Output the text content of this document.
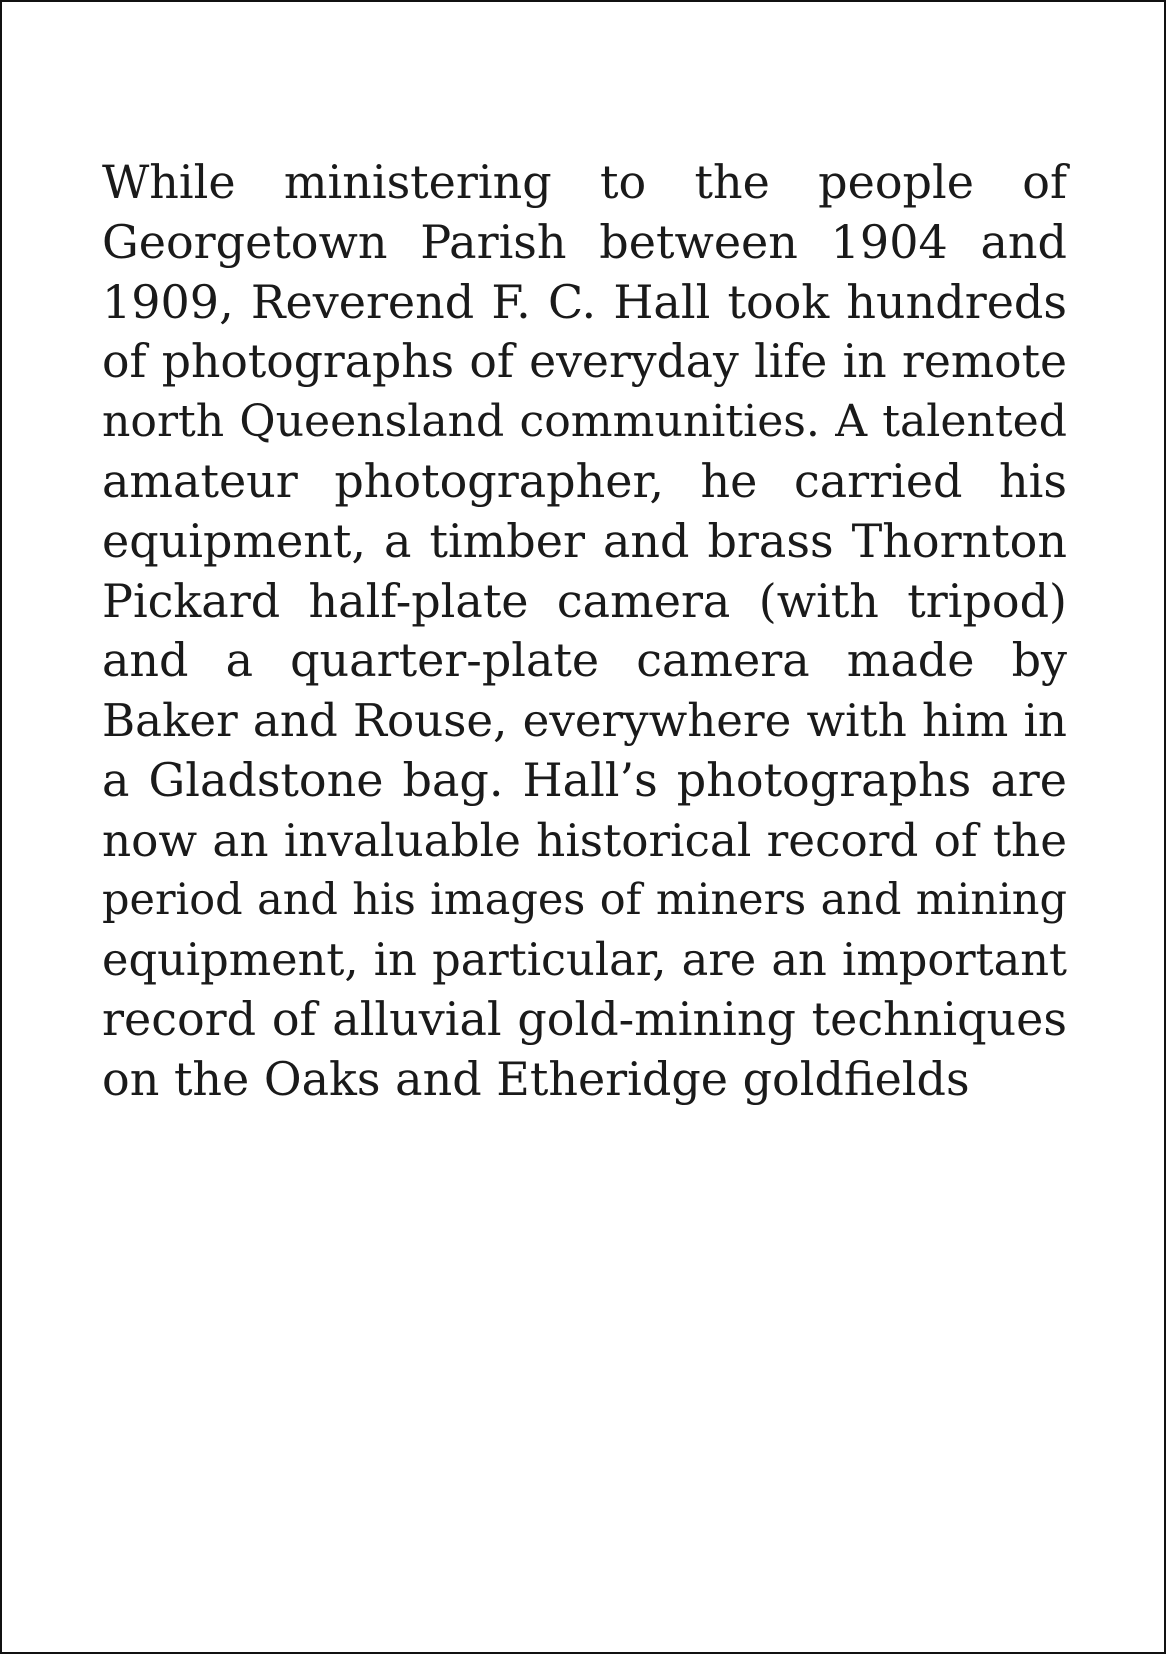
While ministering to the people of
Georgetown Parish between 1904 and
1909, Reverend F. C. Hall took hundreds
of photographs of everyday life in remote
north Queensland communities. A talented
amateur photographer, he carried his
equipment, a timber and brass Thornton
Pickard half-plate camera (with tripod)
and a quarter-plate camera made by
Baker and Rouse, everywhere with him in
a Gladstone bag. Hall’s photographs are
now an invaluable historical record of the
period and his images of miners and mining
equipment, in particular, are an important
record of alluvial gold-mining techniques
on the Oaks and Etheridge goldfields
